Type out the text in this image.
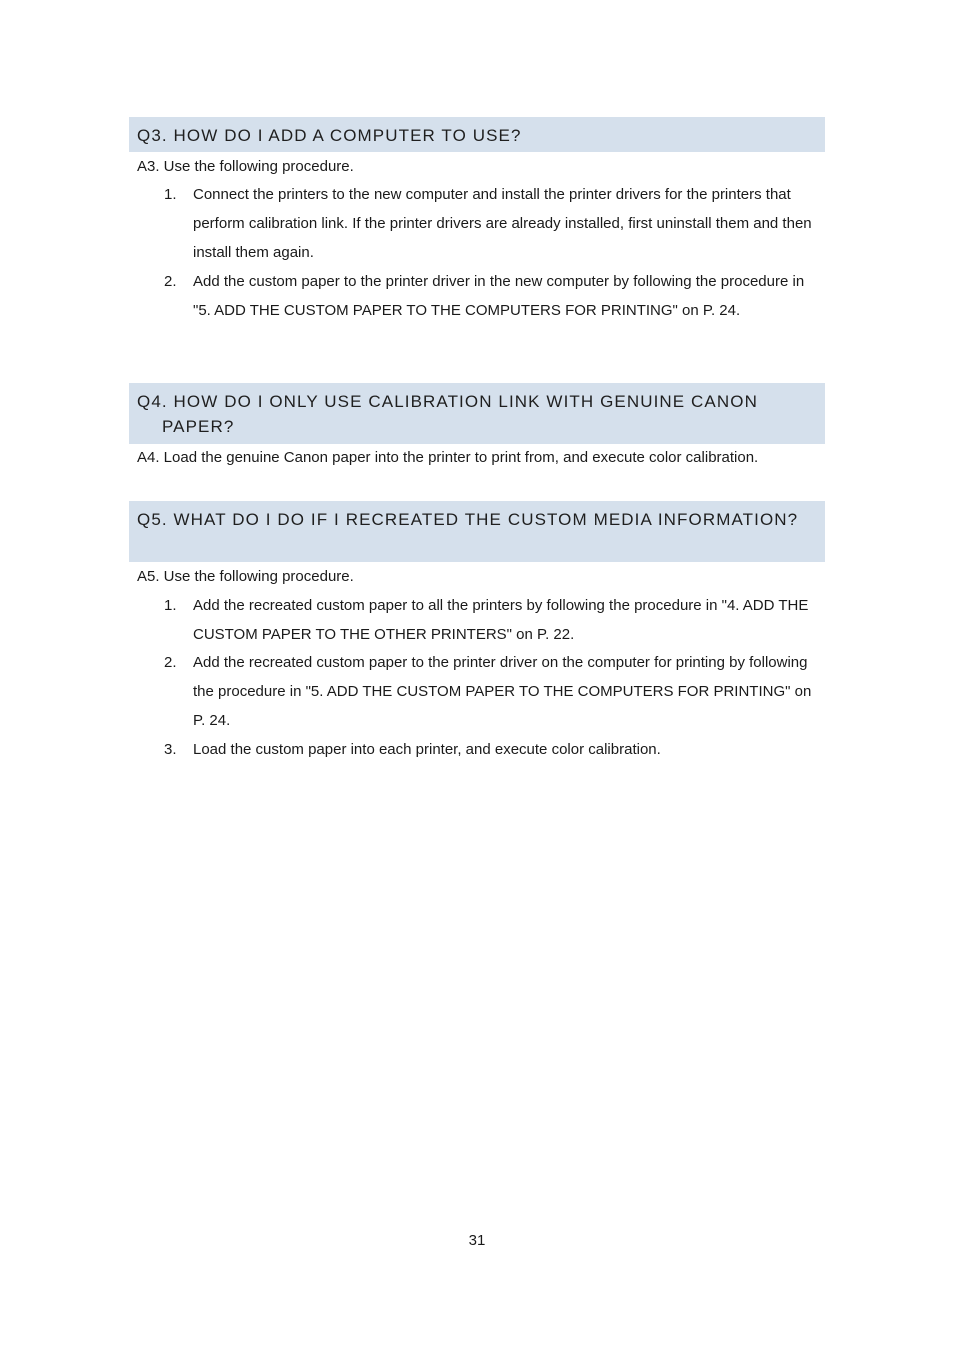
Q3. HOW DO I ADD A COMPUTER TO USE?
A3. Use the following procedure.
1. Connect the printers to the new computer and install the printer drivers for the printers that perform calibration link. If the printer drivers are already installed, first uninstall them and then install them again.
2. Add the custom paper to the printer driver in the new computer by following the procedure in "5. ADD THE CUSTOM PAPER TO THE COMPUTERS FOR PRINTING" on P. 24.
Q4. HOW DO I ONLY USE CALIBRATION LINK WITH GENUINE CANON PAPER?
A4. Load the genuine Canon paper into the printer to print from, and execute color calibration.
Q5. WHAT DO I DO IF I RECREATED THE CUSTOM MEDIA INFORMATION?
A5. Use the following procedure.
1. Add the recreated custom paper to all the printers by following the procedure in "4. ADD THE CUSTOM PAPER TO THE OTHER PRINTERS" on P. 22.
2. Add the recreated custom paper to the printer driver on the computer for printing by following the procedure in "5. ADD THE CUSTOM PAPER TO THE COMPUTERS FOR PRINTING" on P. 24.
3. Load the custom paper into each printer, and execute color calibration.
31
